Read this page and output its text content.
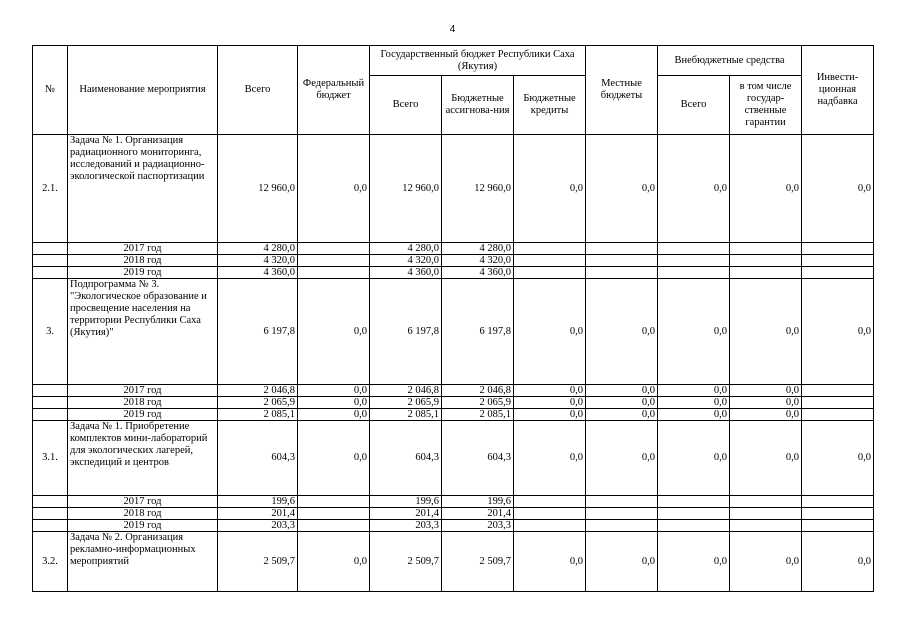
4
№	Наименование мероприятия	Всего	Федеральный бюджет	Государственный бюджет Республики Саха (Якутия)			Местные бюджеты	Внебюджетные средства		Инвести-ционная надбавка
				Всего	Бюджетные ассигнова-ния	Бюджетные кредиты		Всего	в том числе государ-ственные гарантии	
2.1.	Задача № 1. Организация радиационного мониторинга, исследований и радиационно-экологической паспортизации	12 960,0	0,0	12 960,0	12 960,0	0,0	0,0	0,0	0,0	0,0
	2017 год	4 280,0		4 280,0	4 280,0					
	2018 год	4 320,0		4 320,0	4 320,0					
	2019 год	4 360,0		4 360,0	4 360,0					
3.	Подпрограмма № 3. "Экологическое образование и просвещение населения на территории Республики Саха (Якутия)"	6 197,8	0,0	6 197,8	6 197,8	0,0	0,0	0,0	0,0	0,0
	2017 год	2 046,8	0,0	2 046,8	2 046,8	0,0	0,0	0,0	0,0	
	2018 год	2 065,9	0,0	2 065,9	2 065,9	0,0	0,0	0,0	0,0	
	2019 год	2 085,1	0,0	2 085,1	2 085,1	0,0	0,0	0,0	0,0	
3.1.	Задача № 1. Приобретение комплектов мини-лабораторий для экологических лагерей, экспедиций и центров	604,3	0,0	604,3	604,3	0,0	0,0	0,0	0,0	0,0
	2017 год	199,6		199,6	199,6					
	2018 год	201,4		201,4	201,4					
	2019 год	203,3		203,3	203,3					
3.2.	Задача № 2. Организация рекламно-информационных мероприятий	2 509,7	0,0	2 509,7	2 509,7	0,0	0,0	0,0	0,0	0,0
